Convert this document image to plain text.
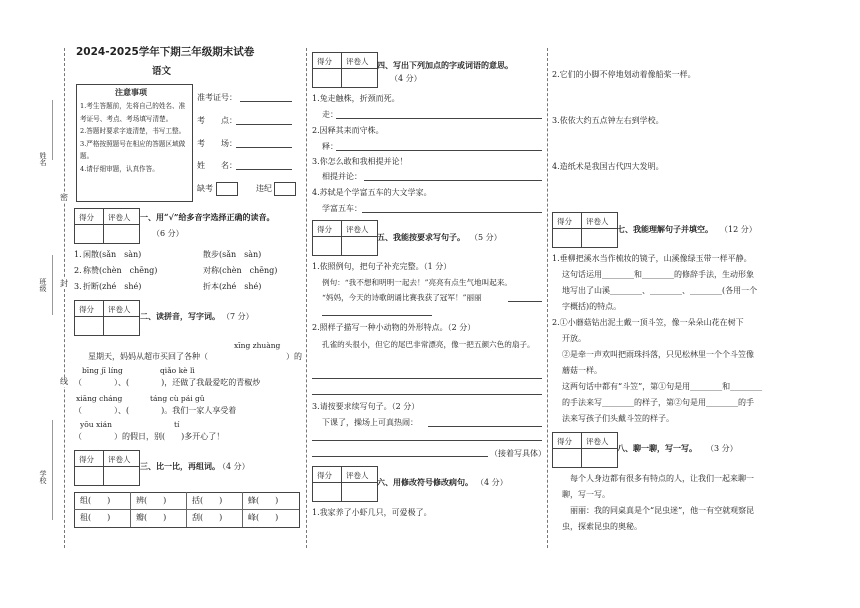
姓名
班级
学校
密
封
线
2024-2025学年下期三年级期末试卷
语文
注意事项
1.考生答题前，先将自己的姓名、准考证号、考点、考场填写清楚。
2.答题时要求字迹清楚，书写工整。
3.严格按照题号在相应的答题区域做题。
4.请仔细审题，认真作答。
准考证号：
考　　点：
考　　场：
姓　　名：
缺考	违纪
得分 评卷人 一、用“√”给多音字选择正确的读音。
（6 分）
1. 闲散(sǎn　sàn)	散步(sǎn　sàn)
2. 称赞(chèn　chēng)	对称(chèn　chēng)
3. 折断(zhé　shé)	折本(zhé　shé)
得分 评卷人
二、读拼音，写字词。 （7 分）
xīng zhuàng
星期天，妈妈从超市买回了各种（	）的
bīng jī líng	qiǎo kè lì
（　　　　）、(　　　　)，还做了我最爱吃的青椒炒
xiāng cháng	táng cù pái gǔ
（　　　　）、(　　　　)。我们一家人享受着
yōu xián	tí
（　　　　）的假日，别(　　)多开心了！
得分 评卷人
三、比一比，再组词。
（4 分）
组(　　)	辨(　　)	括(　　)	蜂(　　)
租(　　)	瓣(　　)	刮(　　)	峰(　　)
得分 评卷人 四、写出下列加点的字或词语的意思。
（4 分）
1.兔走触株，折颈而死。
走：
2.因释其耒而守株。
释：
3.你怎么敢和我相提并论！
相提并论：
4.苏轼是个学富五车的大文学家。
学富五车：
得分 评卷人
五、我能按要求写句子。 （5 分）
1.依照例句，把句子补充完整。（1 分）
例句：“我不想和明明一起去！”亮亮有点生气地叫起来。
“妈妈，今天的诗歌朗诵比赛我获了冠军！”丽丽
2.照样子描写一种小动物的外形特点。（2 分）
孔雀的头很小，但它的尾巴非常漂亮，像一把五颜六色的扇子。
3.请按要求续写句子。（2 分）
下课了，操场上可真热闹：
（接着写具体）
得分 评卷人
六、用修改符号修改病句。 （4 分）
1.我家养了小虾几只，可爱极了。
2.它们的小脚不停地划动着像船桨一样。
3.依依大约五点钟左右到学校。
4.造纸术是我国古代四大发明。
得分 评卷人
七、我能理解句子并填空。 （12 分）
1.垂柳把溪水当作梳妆的镜子，山溪像绿玉带一样平静。
这句话运用________和________的修辞手法，生动形象
地写出了山溪________、________、________(各用一个
字概括)的特点。
2.①小蘑菇钻出泥土戴一顶斗笠，像一朵朵山花在树下
开放。
②是牵一声欢叫把雨珠抖落，只见松林里一个个斗笠像
蘑菇一样。
这两句话中都有“斗笠”，第①句是用________和________
的手法来写________的样子，第②句是用________的手
法来写孩子们头戴斗笠的样子。
得分 评卷人
八、聊一聊，写一写。 （3 分）
每个人身边都有很多有特点的人，让我们一起来聊一
聊，写一写。
丽丽：我的同桌真是个“昆虫迷”，他一有空就观察昆
虫，探索昆虫的奥秘。
